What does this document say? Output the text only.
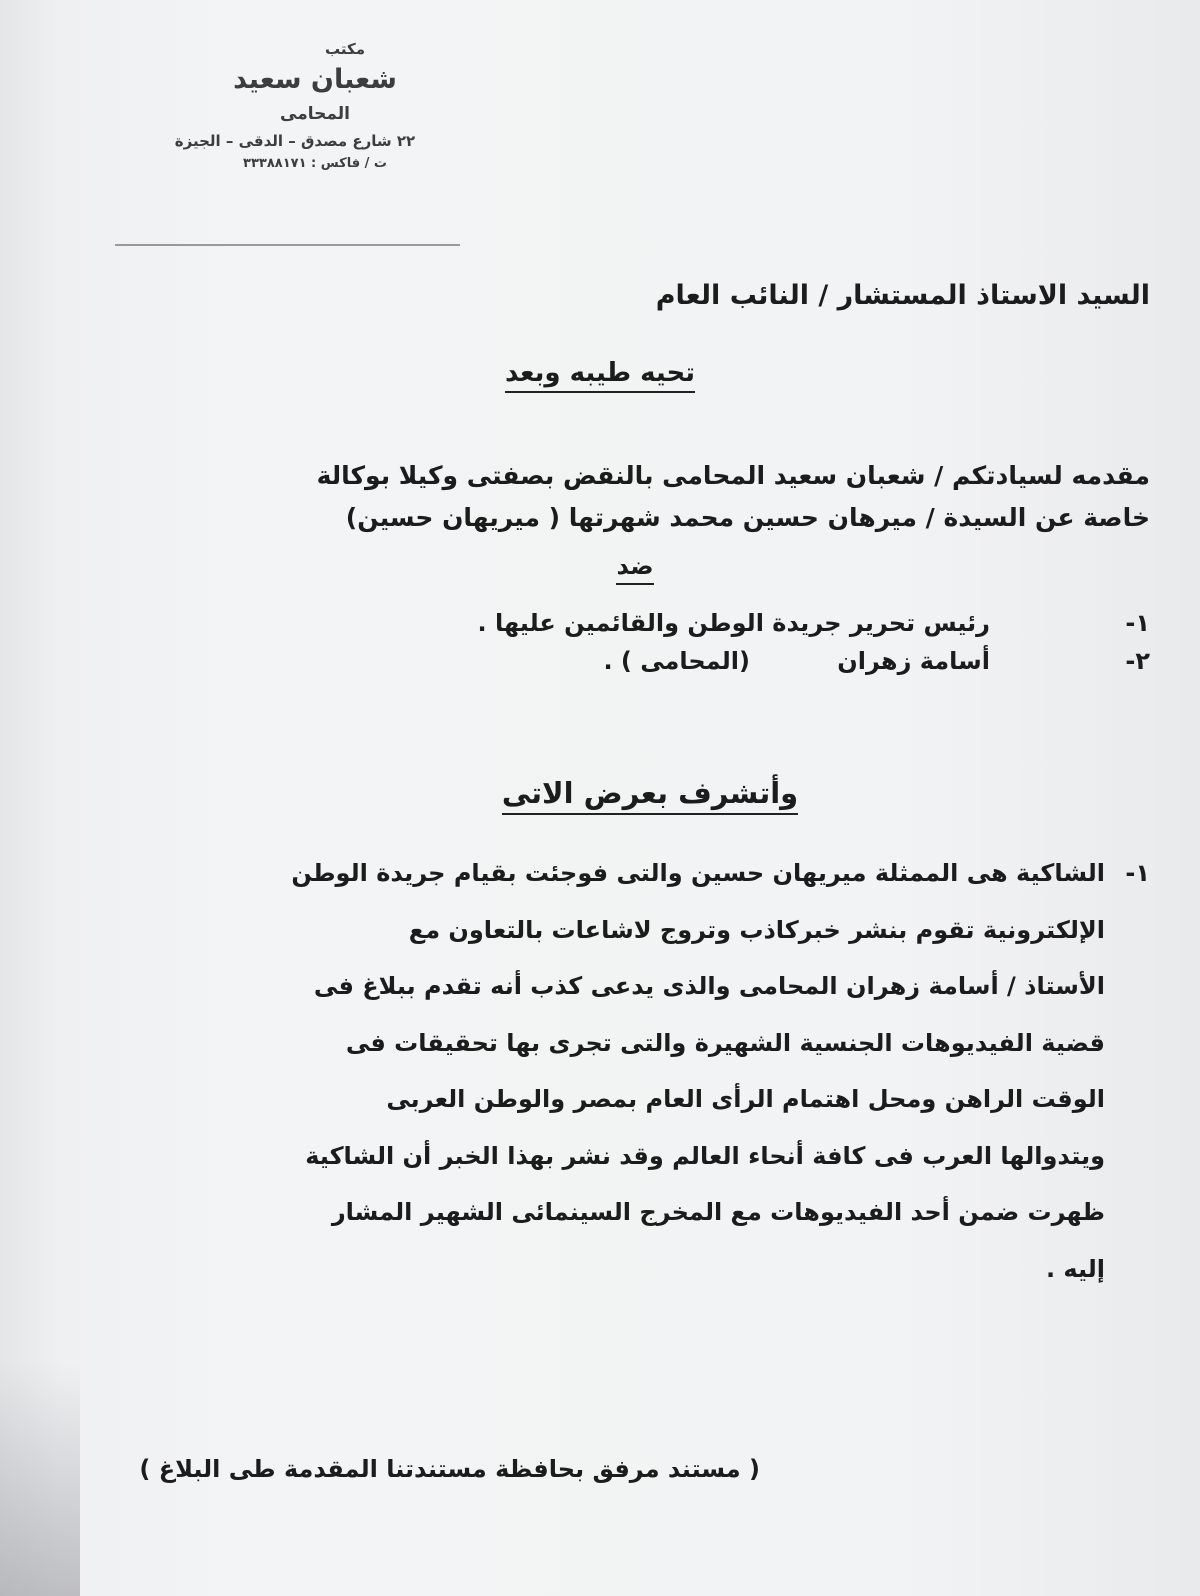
مكتب
شعبان سعيد
المحامى
٢٢ شارع مصدق – الدقى – الجيزة
ت / فاكس : ٣٣٣٨٨١٧١
السيد الاستاذ المستشار / النائب العام
تحيه طيبه وبعد

مقدمه لسيادتكم / شعبان سعيد المحامى بالنقض بصفتى وكيلا بوكالة

خاصة عن السيدة / ميرهان حسين محمد شهرتها ( ميريهان حسين)

ضد
١-
رئيس تحرير جريدة الوطن والقائمين عليها .
٢-
أسامة زهران
(المحامى ) .
وأتشرف بعرض الاتى
١-

الشاكية هى الممثلة ميريهان حسين والتى فوجئت بقيام جريدة الوطن

الإلكترونية تقوم بنشر خبركاذب وتروج لاشاعات بالتعاون مع

الأستاذ / أسامة زهران المحامى والذى يدعى كذب أنه تقدم ببلاغ فى

قضية الفيديوهات الجنسية الشهيرة والتى تجرى بها تحقيقات فى

الوقت الراهن ومحل اهتمام الرأى العام بمصر والوطن العربى

ويتدوالها العرب فى كافة أنحاء العالم وقد نشر بهذا الخبر أن الشاكية

ظهرت ضمن أحد الفيديوهات مع المخرج السينمائى الشهير المشار

إليه .

( مستند مرفق بحافظة مستندتنا المقدمة طى البلاغ )
